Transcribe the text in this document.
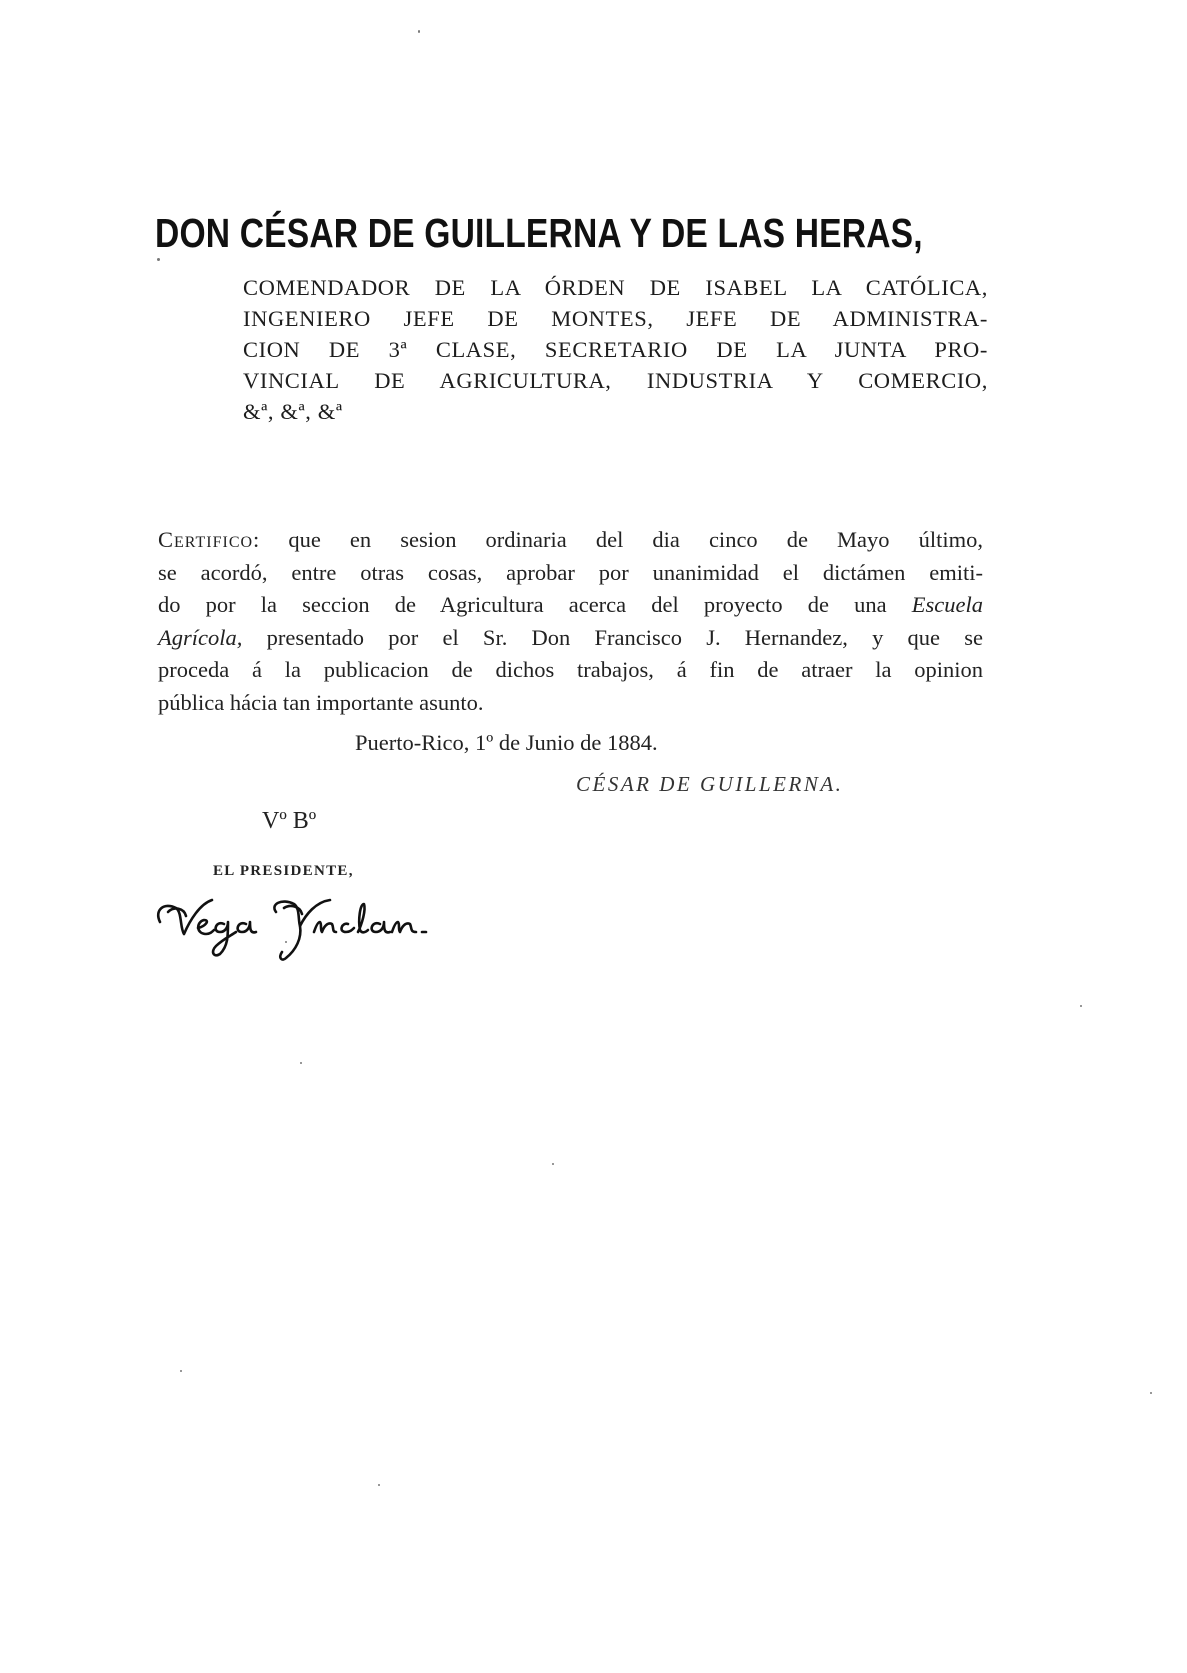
DON CÉSAR DE GUILLERNA Y DE LAS HERAS,
COMENDADOR DE LA ÓRDEN DE ISABEL LA CATÓLICA,
INGENIERO JEFE DE MONTES, JEFE DE ADMINISTRA-
CION DE 3ª CLASE, SECRETARIO DE LA JUNTA PRO-
VINCIAL DE AGRICULTURA, INDUSTRIA Y COMERCIO,
&ª, &ª, &ª
Certifico: que en sesion ordinaria del dia cinco de Mayo último,
se acordó, entre otras cosas, aprobar por unanimidad el dictámen emiti-
do por la seccion de Agricultura acerca del proyecto de una Escuela
Agrícola, presentado por el Sr. Don Francisco J. Hernandez, y que se
proceda á la publicacion de dichos trabajos, á fin de atraer la opinion
pública hácia tan importante asunto.
Puerto-Rico, 1º de Junio de 1884.
CÉSAR DE GUILLERNA.
Vº Bº
EL PRESIDENTE,
